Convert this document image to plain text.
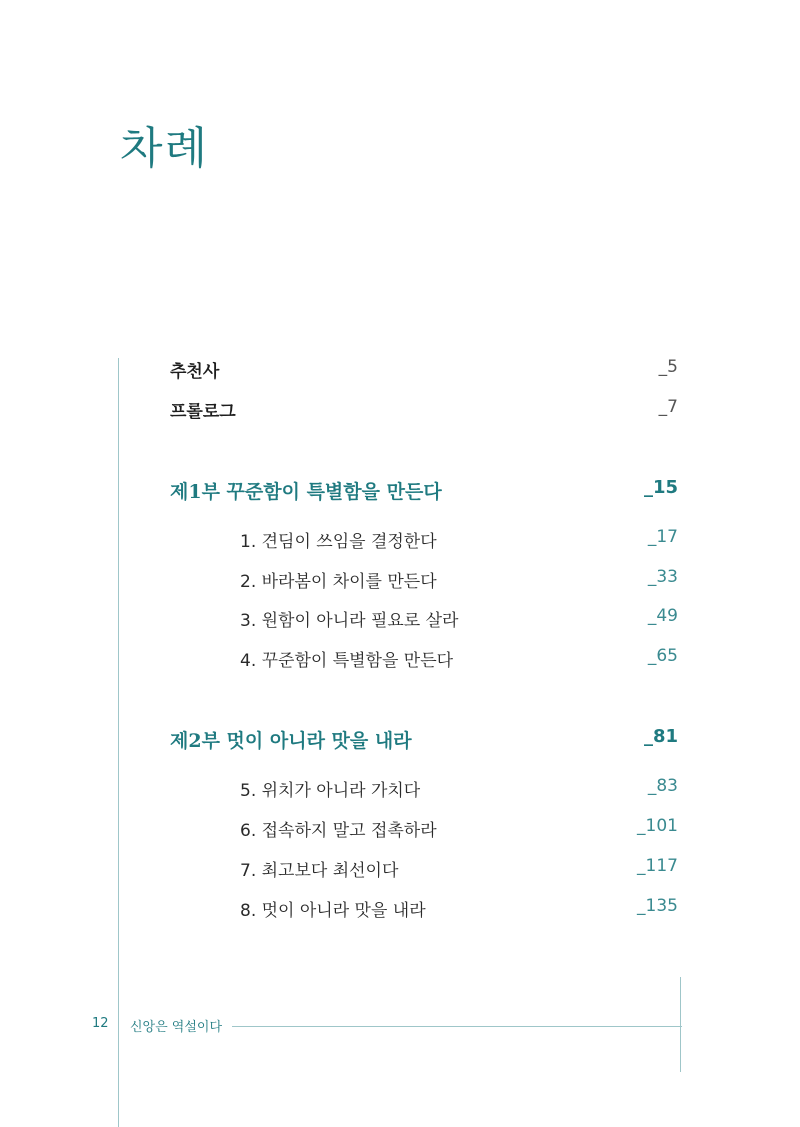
차례
추천사	_5
프롤로그	_7
제1부 꾸준함이 특별함을 만든다	_15
1. 견딤이 쓰임을 결정한다	_17
2. 바라봄이 차이를 만든다	_33
3. 원함이 아니라 필요로 살라	_49
4. 꾸준함이 특별함을 만든다	_65
제2부 멋이 아니라 맛을 내라	_81
5. 위치가 아니라 가치다	_83
6. 접속하지 말고 접촉하라	_101
7. 최고보다 최선이다	_117
8. 멋이 아니라 맛을 내라	_135
12 신앙은 역설이다
